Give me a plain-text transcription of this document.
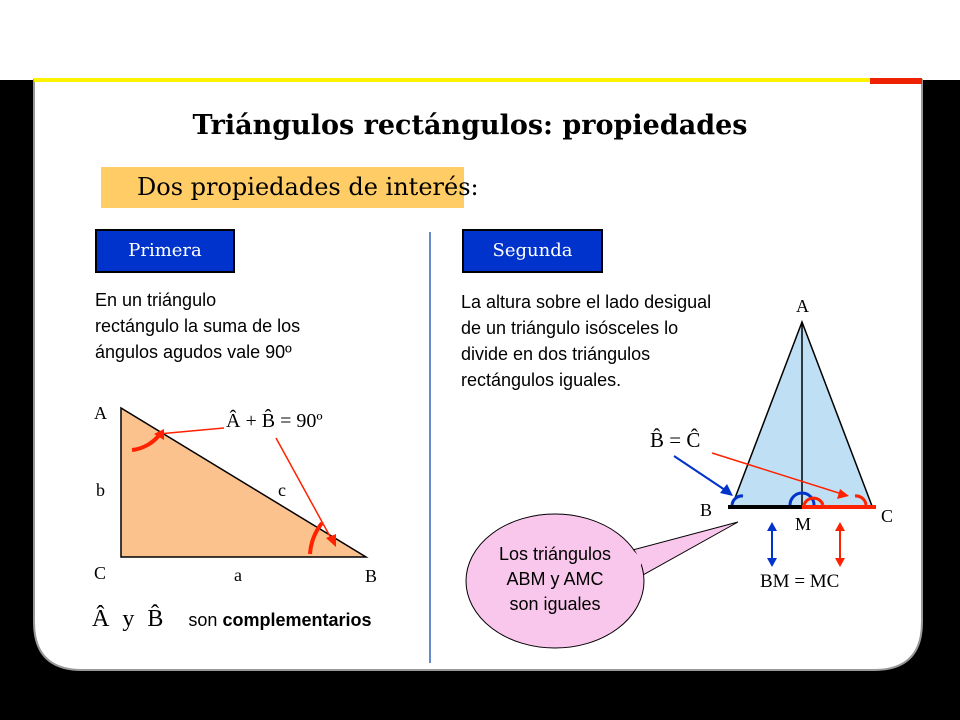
Triángulos rectángulos: propiedades
Dos propiedades de interés:
Primera	Segunda
En un triángulo
rectángulo la suma de los
ángulos agudos vale 90º
La altura sobre el lado desigual
de un triángulo isósceles lo
divide en dos triángulos
rectángulos iguales.
A
b
C	a	B
c
Â + B̂ = 90º
Â y B̂ son complementarios
A
B
M	C
B̂ = Ĉ
BM = MC
Los triángulos
ABM y AMC
son iguales
